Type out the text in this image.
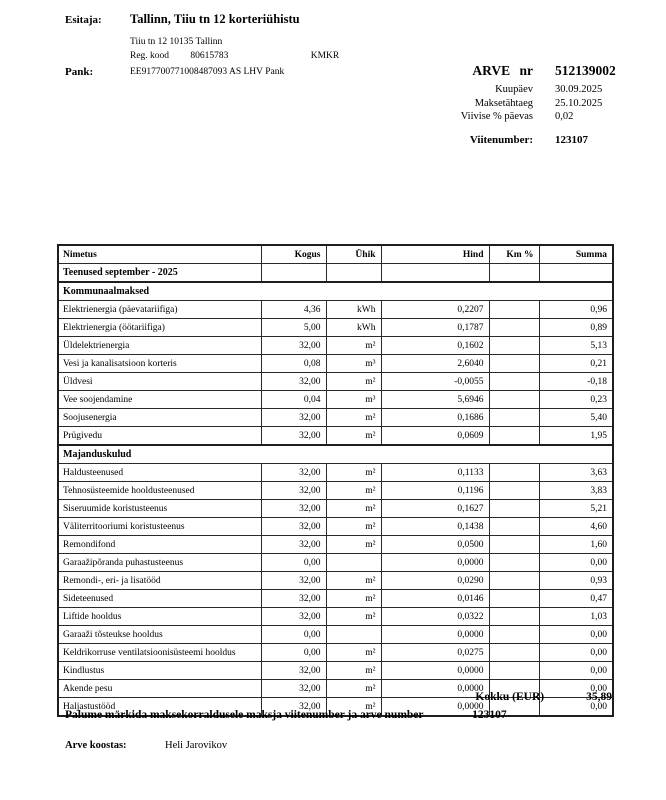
Esitaja: Tallinn, Tiiu tn 12 korteriühistu
Tiiu tn 12 10135 Tallinn
Reg. kood 80615783	KMKR
Pank:	EE917700771008487093 AS LHV Pank	ARVE nr 512139002
Kuupäev 30.09.2025
Maksetähtaeg 25.10.2025
Viivise % päevas 0,02
Viitenumber: 123107
Nimetus	Kogus	Ühik	Hind	Km %	Summa
Teenused september - 2025					
Kommunaalmaksed					
Elektrienergia (päevatariifiga)	4,36	kWh	0,2207		0,96
Elektrienergia (öötariifiga)	5,00	kWh	0,1787		0,89
Üldelektrienergia	32,00	m²	0,1602		5,13
Vesi ja kanalisatsioon korteris	0,08	m³	2,6040		0,21
Üldvesi	32,00	m²	-0,0055		-0,18
Vee soojendamine	0,04	m³	5,6946		0,23
Soojusenergia	32,00	m²	0,1686		5,40
Prügivedu	32,00	m²	0,0609		1,95
Majanduskulud					
Haldusteenused	32,00	m²	0,1133		3,63
Tehnosüsteemide hooldusteenused	32,00	m²	0,1196		3,83
Siseruumide koristusteenus	32,00	m²	0,1627		5,21
Väliterritooriumi koristusteenus	32,00	m²	0,1438		4,60
Remondifond	32,00	m²	0,0500		1,60
Garaažipõranda puhastusteenus	0,00		0,0000		0,00
Remondi-, eri- ja lisatööd	32,00	m²	0,0290		0,93
Sideteenused	32,00	m²	0,0146		0,47
Liftide hooldus	32,00	m²	0,0322		1,03
Garaaži tõsteukse hooldus	0,00		0,0000		0,00
Keldrikorruse ventilatsioonisüsteemi hooldus	0,00	m²	0,0275		0,00
Kindlustus	32,00	m²	0,0000		0,00
Akende pesu	32,00	m²	0,0000		0,00
Haljastustööd	32,00	m²	0,0000		0,00
Kokku (EUR)	35,89
Palume märkida maksekorraldusele maksja viitenumber ja arve number	123107
Arve koostas:	Heli Jarovikov
